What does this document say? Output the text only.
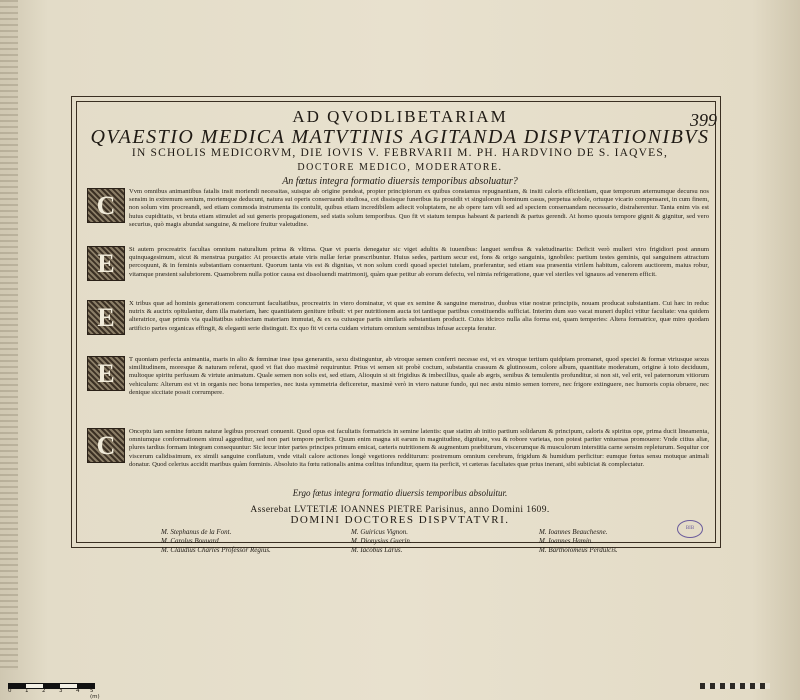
399
AD QVODLIBETARIAM
QVAESTIO MEDICA MATVTINIS AGITANDA DISPVTATIONIBVS
IN SCHOLIS MEDICORVM, DIE IOVIS V. FEBRVARII M. PH. HARDVINO DE S. IAQVES,
DOCTORE MEDICO, MODERATORE.
An fœtus integra formatio diuersis temporibus absoluatur?
C	Vvm omnibus animantibus fatalis insit moriendi necessitas, suisque ab origine pendeat, propter principiorum ex quibus constamus repugnantiam, & insiti caloris efficientiam, quæ temporum æternumque decursu nos sensim in extremum senium, mortemque deducunt, natura sui operis conseruandi studiosa, cot dissisque funeribus ita prouidit vt singulorum hominum casus, perpetua sobole, ortuque vicario compensaret, in cum finem, non solum vim procreandi, sed etiam commoda instrumenta iis contulit, quibus etiam incredibilem adiecit voluptatem, ne ab opere tam vili sed ad speciem conseruandam necessario, distraherentur. Tanta enim vis est huius cupiditatis, vt bruta etiam stimulet ad sui generis propagationem, sed statis solum temporibus. Quo fit vt statum tempus habeant & pariendi & partus gerendi. At homo quouis tempore gignit & gignitur, sed vero securius, quò magis abundat sanguine, & meliore fruitur valetudine.
E	St autem procreatrix facultas omnium naturalium prima & vltima. Quæ vt pueris denegatur sic viget adultis & iuuenibus: languet senibus & valetudinariis: Deficit verò mulieri viro frigidiori post annum quinquagesimum, sicut & menstrua purgatio: At prouectis ætate viris nullæ feriæ præscribuntur. Huius sedes, partium secur est, fons & origo sanguinis, ignobiles: partium testes geminis, qui sanguinem attractum percoquunt, & in feminis substantiam conuertunt. Quorum tanta vis est & dignitas, vt non solum cordi quoad speciei tutelam, præferantur, sed etiam sua præsentia virilem habitum, calorem auctiorem, maius robur, vitamque præstent salubriorem. Quamobrem nulla potior causa est dissoluendi matrimonij, quàm quæ petitur ab eorum defectu, vel nimia refrigeratione, quæ vel steriles vel ignauos ad venerem efficit.
E	X tribus quæ ad hominis generationem concurrunt facultatibus, procreatrix in vtero dominatur, vt quæ ex semine & sanguine menstruo, duobus vitæ nostræ principiis, nouam producat substantiam. Cui hæc in reduc nutrix & auctrix opitulantur, dum illa materiam, hæc quantitatem geniture tribuit: vt per nutritionem aucta tot tantisque partibus constituendis sufficiat. Interim dum suo vacat muneri duplici vtitur facultate: vna quidem alteratrice, quæ primis via qualitatibus subiectam materiam immutat, & ex ea cuiusque partis similaris substantiam producit. Cuius idcirco nulla alia forma est, quam temperies: Altera formatrice, quæ miro quodam artificio partes organicas effingit, & eleganti serie distinguit. Ex quo fit vt certa cuidam virtutum omnium seminibus infusæ accepta feratur.
E	T quoniam perfecta animantia, maris in alio & fœminæ inse ipsa generantis, sexu distinguntur, ab vtroque semen conferri necesse est, vt ex vtroque tertium quidpiam promanet, quod speciei & formæ vtriusque sexus similitudinem, moresque & naturam referat, quod vt fiat duo maximè requiruntur. Prius vt semen sit probè coctum, substantia crassum & glutinosum, colore album, quantitate moderatum, origine à toto deciduum, multoque spiritu perfusum & virtute animatum. Quale semen non solis est, sed etiam, Alioquin si sit frigidius & imbecillius, quale ab ægris, senibus & temulentis profunditur, si non sit, vel erit, vel paternorum vitiorum vehiculum: Alterum est vt in organis nec bona temperies, nec iusta symmetria deficeretur, maximè verò in vtero naturæ fundo, qui nec æstu nimio semen torrere, nec frigore extinguere, nec humoris copia obruere, nec denique siccitate possit corrumpere.
C	Onceptu iam semine fœtum naturæ legibus procreari conuenit. Quod opus est facultatis formatricis in semine latentis: quæ statim ab initio partium solidarum & principum, caloris & spiritus ope, prima ducit lineamenta, omniumque conformationem simul aggreditur, sed non pari tempore perficit. Quum enim magna sit earum in magnitudine, dignitate, vsu & robore varietas, non potest pariter vniuersas promouere: Vnde citius aliæ, plures tardius formam integram consequuntur: Sic iecur inter partes principes primum emicat, cæteris nutritionem & augmentum præbiturum, viscerumque & musculorum interstitia carne sensim repleturum. Sequitur cor viscerum calidissimum, ex simili sanguine conflatum, vnde vitali calore actiones longè vegetiores redditurum: postremum omnium cerebrum, frigidum & humidum perficitur: eumque fœtus sensu motuque animali donatur. Quod celerius accidit maribus quàm fœminis. Absoluto ita fœtu rationalis anima cœlitus infunditur, quem ita perficit, vt cæteras facultates quæ prius inerant, sibi subiiciat & complectatur.
Ergo fœtus integra formatio diuersis temporibus absoluitur.
Asserebat LVTETIÆ IOANNES PIETRE Parisinus, anno Domini 1609.
DOMINI DOCTORES DISPVTATVRI.
M. Stephanus de la Font.
M. Carolus Bouuard.
M. Claudius Charles Professor Regius.
M. Guiricus Vignon.
M. Dionysius Guerin.
M. Iacobus Larus.
M. Ioannes Beauchesne.
M. Ioannes Hamin.
M. Bartholomeus Perdulcis.
BIB
0 1 2 3 4 5 (m)
